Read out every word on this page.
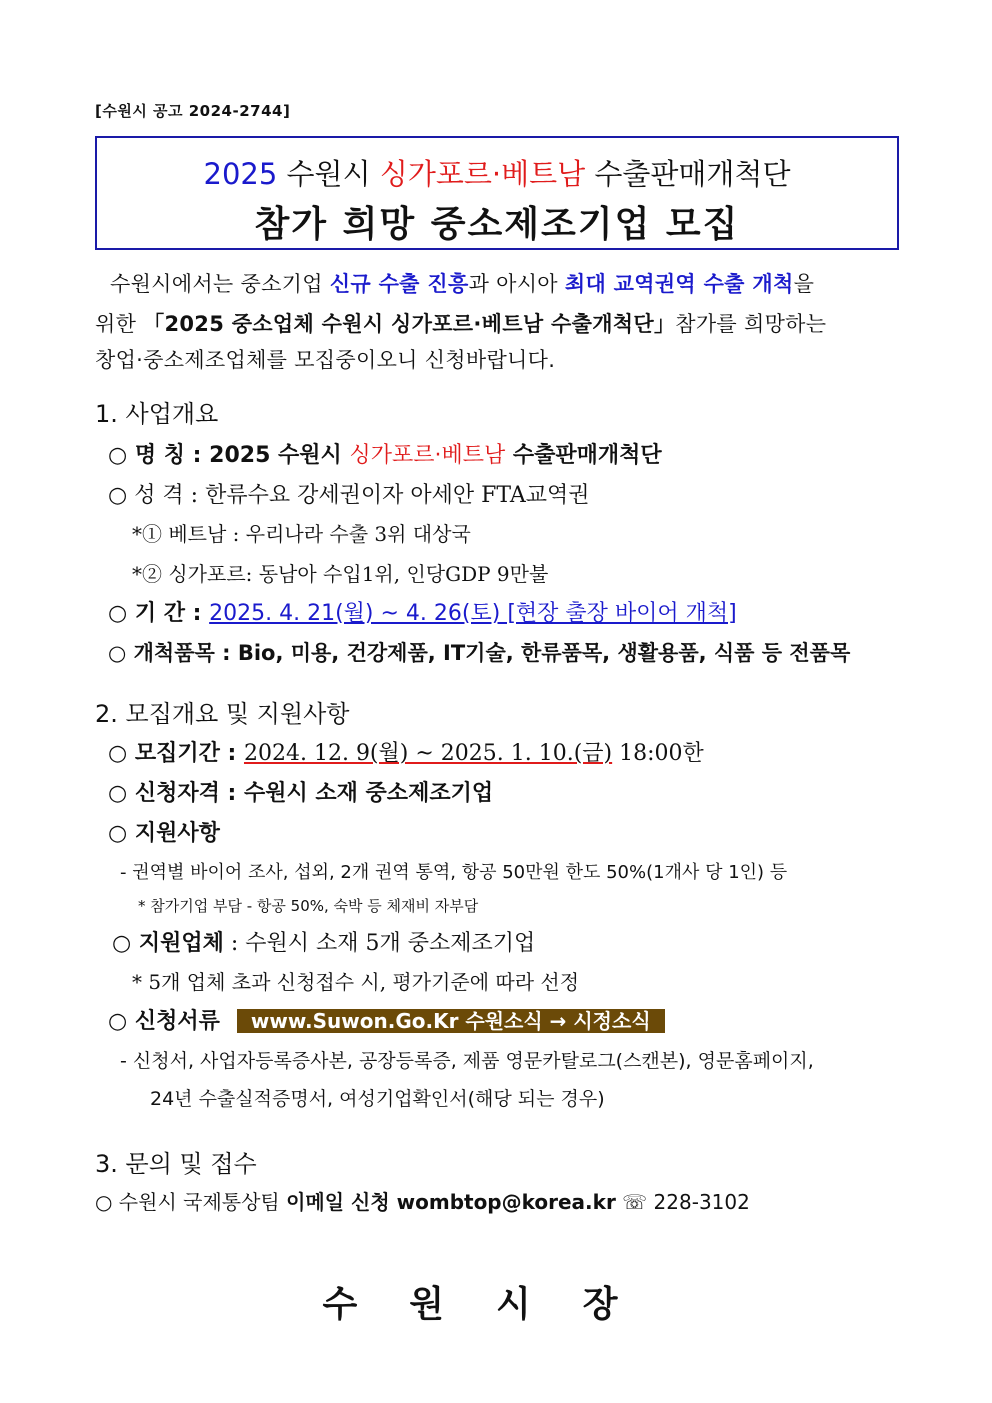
[수원시 공고 2024-2744]
2025 수원시 싱가포르·베트남 수출판매개척단
참가 희망 중소제조기업 모집
수원시에서는 중소기업 신규 수출 진흥과 아시아 최대 교역권역 수출 개척을
위한 「2025 중소업체 수원시 싱가포르·베트남 수출개척단」참가를 희망하는
창업·중소제조업체를 모집중이오니 신청바랍니다.
1. 사업개요
○ 명 칭 : 2025 수원시 싱가포르·베트남 수출판매개척단
○ 성 격 : 한류수요 강세권이자 아세안 FTA교역권
*① 베트남 : 우리나라 수출 3위 대상국
*② 싱가포르: 동남아 수입1위, 인당GDP 9만불
○ 기 간 : 2025. 4. 21(월) ~ 4. 26(토) [현장 출장 바이어 개척]
○ 개척품목 : Bio, 미용, 건강제품, IT기술, 한류품목, 생활용품, 식품 등 전품목
2. 모집개요 및 지원사항
○ 모집기간 : 2024. 12. 9(월) ~ 2025. 1. 10.(금) 18:00한
○ 신청자격 : 수원시 소재 중소제조기업
○ 지원사항
- 권역별 바이어 조사, 섭외, 2개 권역 통역, 항공 50만원 한도 50%(1개사 당 1인) 등
* 참가기업 부담 - 항공 50%, 숙박 등 체재비 자부담
○ 지원업체 : 수원시 소재 5개 중소제조기업
* 5개 업체 초과 신청접수 시, 평가기준에 따라 선정
○ 신청서류 www.Suwon.Go.Kr 수원소식 → 시정소식
- 신청서, 사업자등록증사본, 공장등록증, 제품 영문카탈로그(스캔본), 영문홈페이지,
24년 수출실적증명서, 여성기업확인서(해당 되는 경우)
3. 문의 및 접수
○ 수원시 국제통상팀 이메일 신청 wombtop@korea.kr ☏ 228-3102
수원시장
